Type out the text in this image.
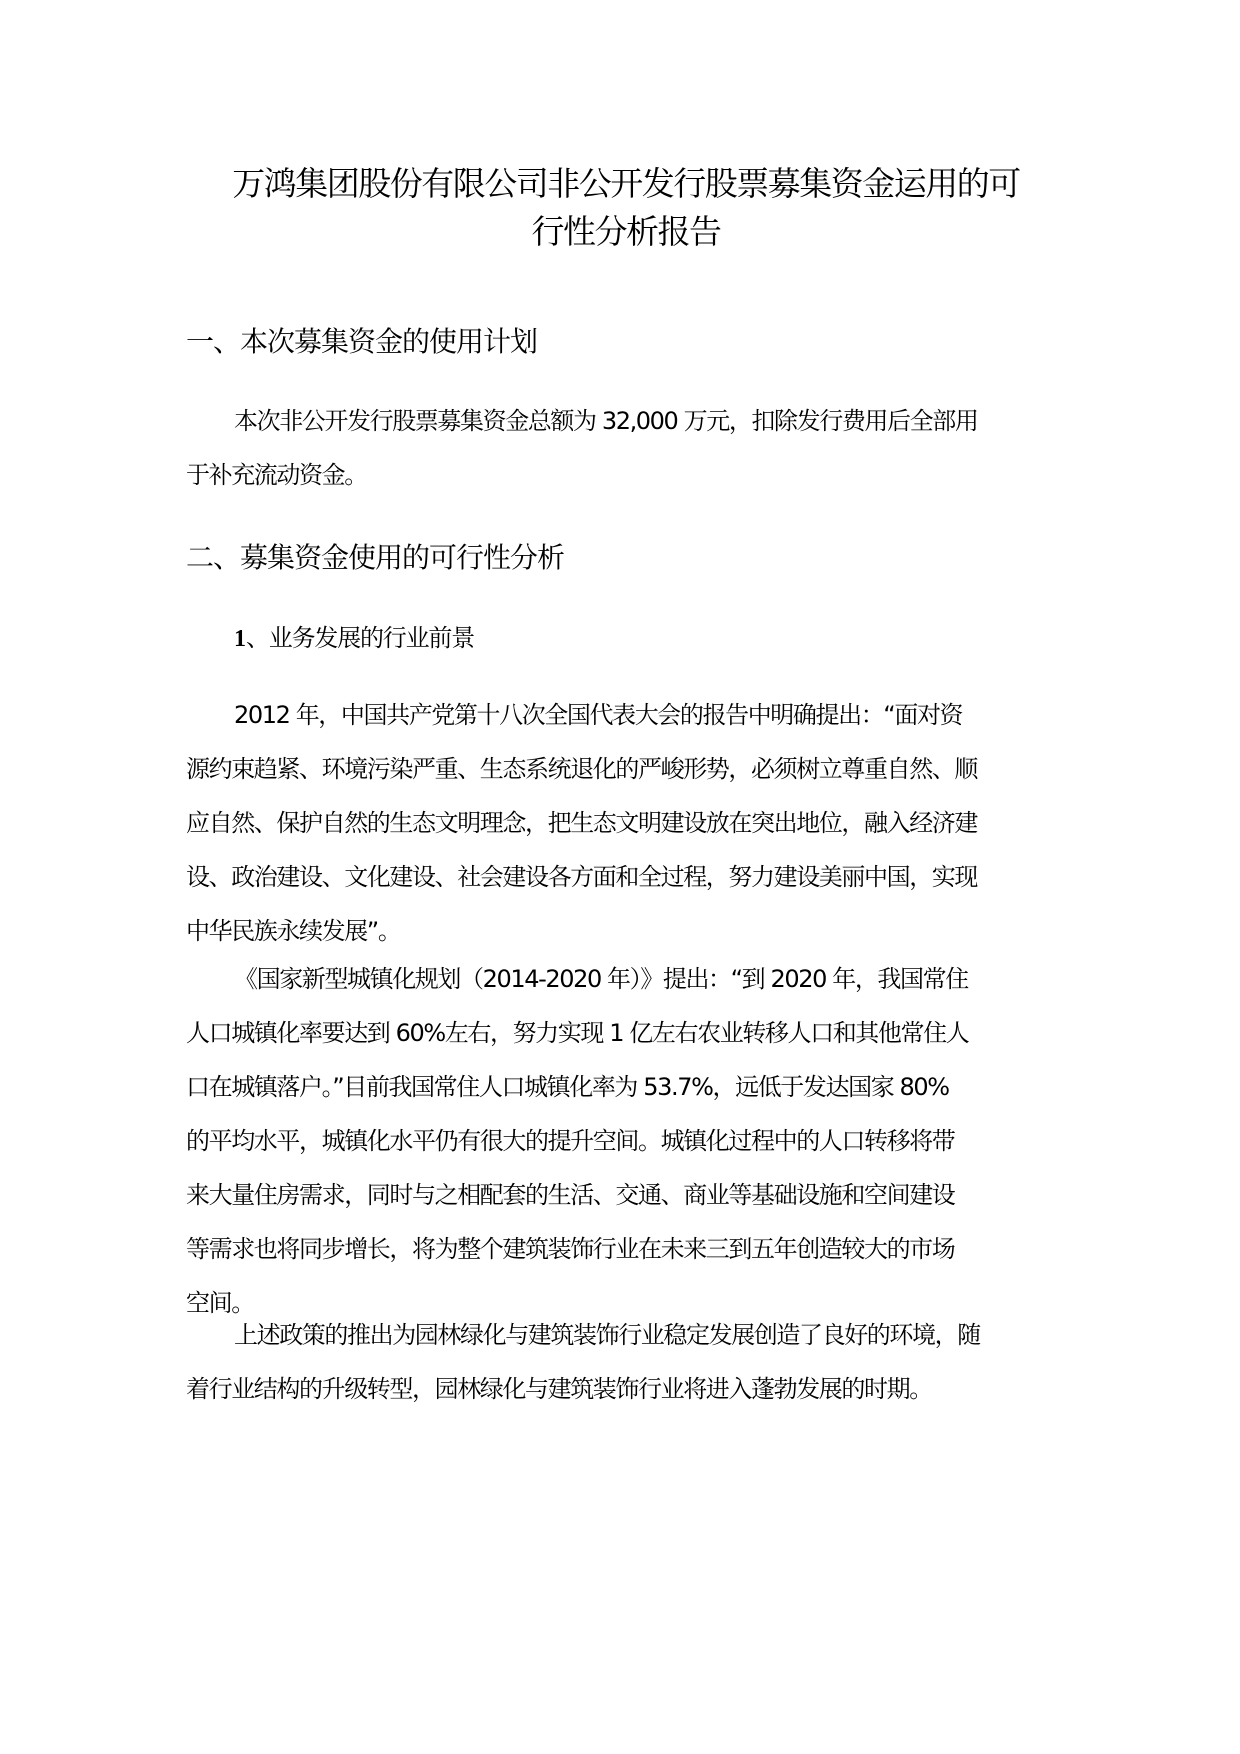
万鸿集团股份有限公司非公开发行股票募集资金运用的可
行性分析报告
一、本次募集资金的使用计划

本次非公开发行股票募集资金总额为 32,000 万元，扣除发行费用后全部用
于补充流动资金。

二、募集资金使用的可行性分析
1、业务发展的行业前景

2012 年，中国共产党第十八次全国代表大会的报告中明确提出：“面对资
源约束趋紧、环境污染严重、生态系统退化的严峻形势，必须树立尊重自然、顺
应自然、保护自然的生态文明理念，把生态文明建设放在突出地位，融入经济建
设、政治建设、文化建设、社会建设各方面和全过程，努力建设美丽中国，实现
中华民族永续发展”。

《国家新型城镇化规划（2014-2020 年）》提出：“到 2020 年，我国常住
人口城镇化率要达到 60%左右，努力实现 1 亿左右农业转移人口和其他常住人
口在城镇落户。”目前我国常住人口城镇化率为 53.7%，远低于发达国家 80%
的平均水平，城镇化水平仍有很大的提升空间。城镇化过程中的人口转移将带
来大量住房需求，同时与之相配套的生活、交通、商业等基础设施和空间建设
等需求也将同步增长，将为整个建筑装饰行业在未来三到五年创造较大的市场
空间。

上述政策的推出为园林绿化与建筑装饰行业稳定发展创造了良好的环境，随
着行业结构的升级转型，园林绿化与建筑装饰行业将进入蓬勃发展的时期。
